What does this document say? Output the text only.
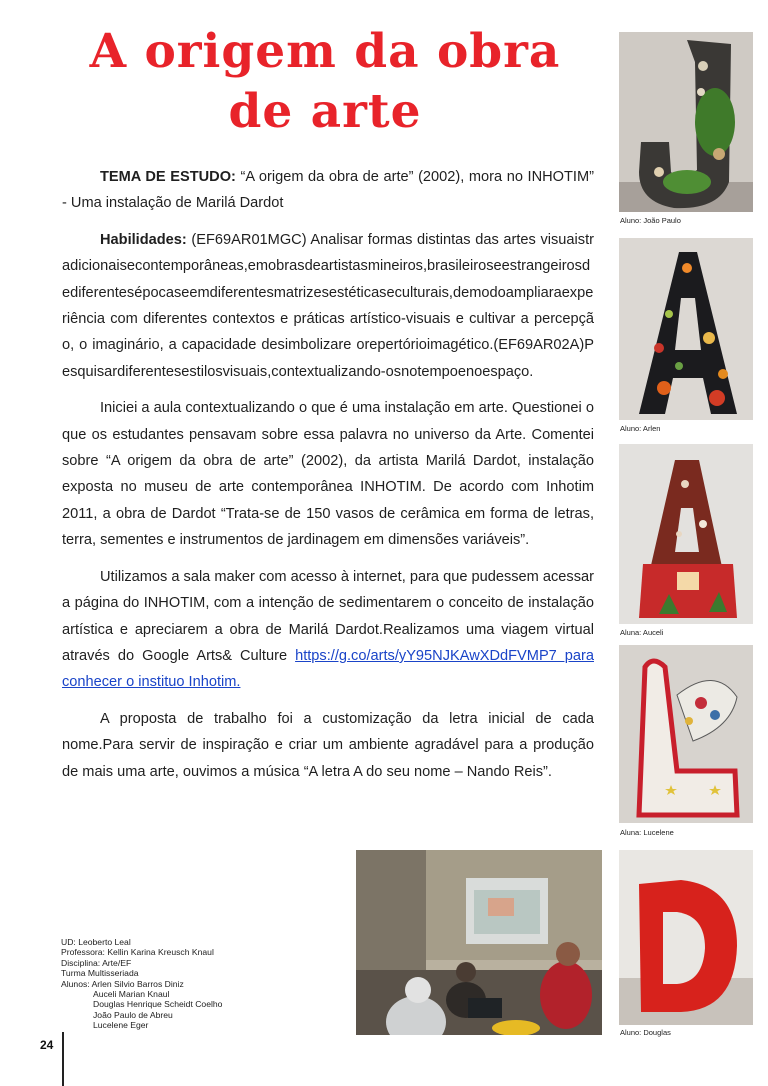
A origem da obra
de arte

TEMA DE ESTUDO: “A origem da obra de arte” (2002), mora no INHOTIM” - Uma instalação de Marilá Dardot

Habilidades: (EF69AR01MGC) Analisar formas distintas das artes visuaistradicionaisecontemporâneas,emobrasdeartistasmineiros,brasileiroseestrangeirosdediferentesépocaseemdiferentesmatrizesestéticaseculturais,demodoampliaraexperiência com diferentes contextos e práticas artístico-visuais e cultivar a percepção, o imaginário, a capacidade desimbolizare orepertórioimagético.(EF69AR02A)Pesquisardiferentesestilosvisuais,contextualizando-osnotempoenoespaço.

Iniciei a aula contextualizando o que é uma instalação em arte. Questionei o que os estudantes pensavam sobre essa palavra no universo da Arte. Comentei sobre “A origem da obra de arte” (2002), da artista Marilá Dardot, instalação exposta no museu de arte contemporânea INHOTIM. De acordo com Inhotim 2011, a obra de Dardot “Trata-se de 150 vasos de cerâmica em forma de letras, terra, sementes e instrumentos de jardinagem em dimensões variáveis”.

Utilizamos a sala maker com acesso à internet, para que pudessem acessar a página do INHOTIM, com a intenção de sedimentarem o conceito de instalação artística e apreciarem a obra de Marilá Dardot.Realizamos uma viagem virtual através do Google Arts& Culture https://g.co/arts/yY95NJKAwXDdFVMP7 para conhecer o instituo Inhotim.

A proposta de trabalho foi a customização da letra inicial de cada nome.Para servir de inspiração e criar um ambiente agradável para a produção de mais uma arte, ouvimos a música “A letra A do seu nome – Nando Reis”.

Aluno: João Paulo
Aluno: Arlen
Aluna: Auceli
Aluna: Lucelene
Aluno: Douglas
UD: Leoberto Leal
Professora: Kellin Karina Kreusch Knaul
Disciplina: Arte/EF
Turma Multisseriada
Alunos: Arlen Silvio Barros Diniz
Auceli Marian Knaul
Douglas Henrique Scheidt Coelho
João Paulo de Abreu
Lucelene Eger
24
